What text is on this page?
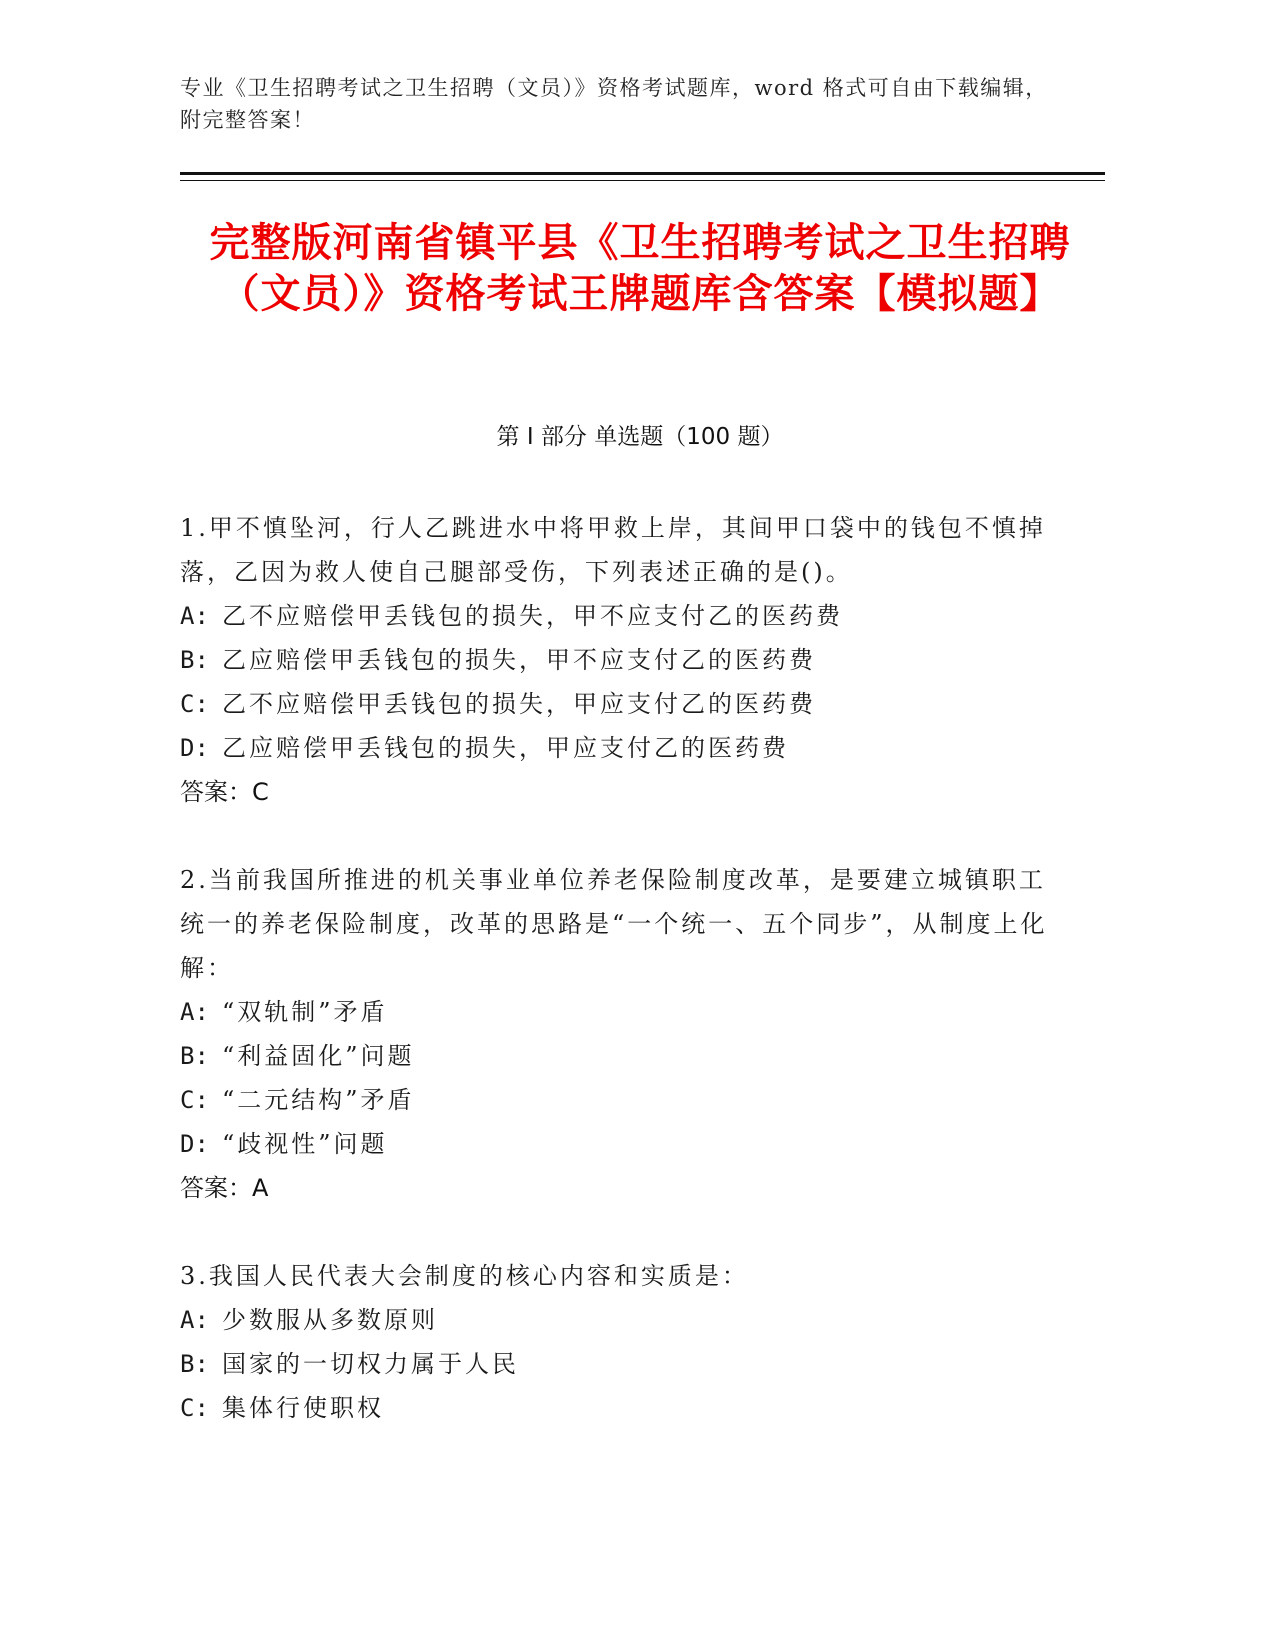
专业《卫生招聘考试之卫生招聘（文员）》资格考试题库，word 格式可自由下载编辑，附完整答案！
完整版河南省镇平县《卫生招聘考试之卫生招聘（文员）》资格考试王牌题库含答案【模拟题】
第 I 部分 单选题（100 题）
1.甲不慎坠河，行人乙跳进水中将甲救上岸，其间甲口袋中的钱包不慎掉落，乙因为救人使自己腿部受伤，下列表述正确的是()。
A: 乙不应赔偿甲丢钱包的损失，甲不应支付乙的医药费
B: 乙应赔偿甲丢钱包的损失，甲不应支付乙的医药费
C: 乙不应赔偿甲丢钱包的损失，甲应支付乙的医药费
D: 乙应赔偿甲丢钱包的损失，甲应支付乙的医药费
答案：C
2.当前我国所推进的机关事业单位养老保险制度改革，是要建立城镇职工统一的养老保险制度，改革的思路是“一个统一、五个同步”，从制度上化解：
A: “双轨制”矛盾
B: “利益固化”问题
C: “二元结构”矛盾
D: “歧视性”问题
答案：A
3.我国人民代表大会制度的核心内容和实质是：
A: 少数服从多数原则
B: 国家的一切权力属于人民
C: 集体行使职权
